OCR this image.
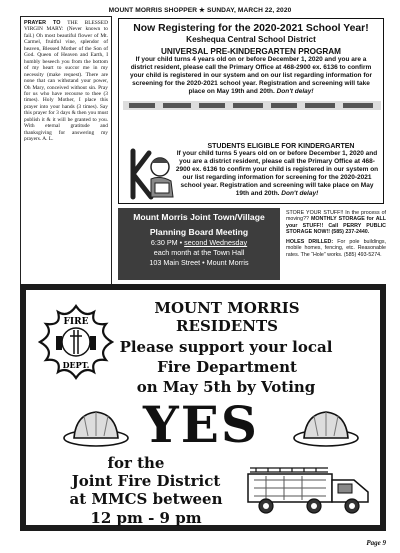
MOUNT MORRIS SHOPPER ★ SUNDAY, MARCH 22, 2020
PRAYER TO THE BLESSED VIRGIN MARY: (Never known to fail.) Oh most beautiful flower of Mt. Carmel, fruitful vine, splendor of heaven, Blessed Mother of the Son of God. Queen of Heaven and Earth, I humbly beseech you from the bottom of my heart to succor me in my necessity (make request). There are none that can withstand your power, Oh Mary, conceived without sin. Pray for us who have recourse to thee (3 times). Holy Mother, I place this prayer into your hands (3 times). Say this prayer for 3 days & then you must publish it & it will be granted to you. With eternal gratitude and thanksgiving for answering my prayers. A. L.
Now Registering for the 2020-2021 School Year!
Keshequa Central School District
UNIVERSAL PRE-KINDERGARTEN PROGRAM
If your child turns 4 years old on or before December 1, 2020 and you are a district resident, please call the Primary Office at 468-2900 ex. 6136 to confirm your child is registered in our system and on our list regarding information for screening for the 2020-2021 school year. Registration and screening will take place on May 19th and 20th. Don't delay!
STUDENTS ELIGIBLE FOR KINDERGARTEN
If your child turns 5 years old on or before December 1, 2020 and you are a district resident, please call the Primary Office at 468-2900 ex. 6136 to confirm your child is registered in our system on our list regarding information for screening for the 2020-2021 school year. Registration and screening will take place on May 19th and 20th. Don't delay!
Mount Morris Joint Town/Village
Planning Board Meeting
6:30 PM • second Wednesday
each month at the Town Hall
103 Main Street • Mount Morris

STORE YOUR STUFF!! In the process of moving?? MONTHLY STORAGE for ALL your STUFF!! Call PERRY PUBLIC STORAGE NOW!! (585) 237-2440.

HOLES DRILLED: For pole buildings, mobile homes, fencing, etc. Reasonable rates. The “Hole” works. (585) 493-5274.

FIRE
DEPT.
MOUNT MORRIS
RESIDENTS
Please support your local
Fire Department
on May 5th by Voting
YES
for the
Joint Fire District
at MMCS between
12 pm - 9 pm
Page 9
